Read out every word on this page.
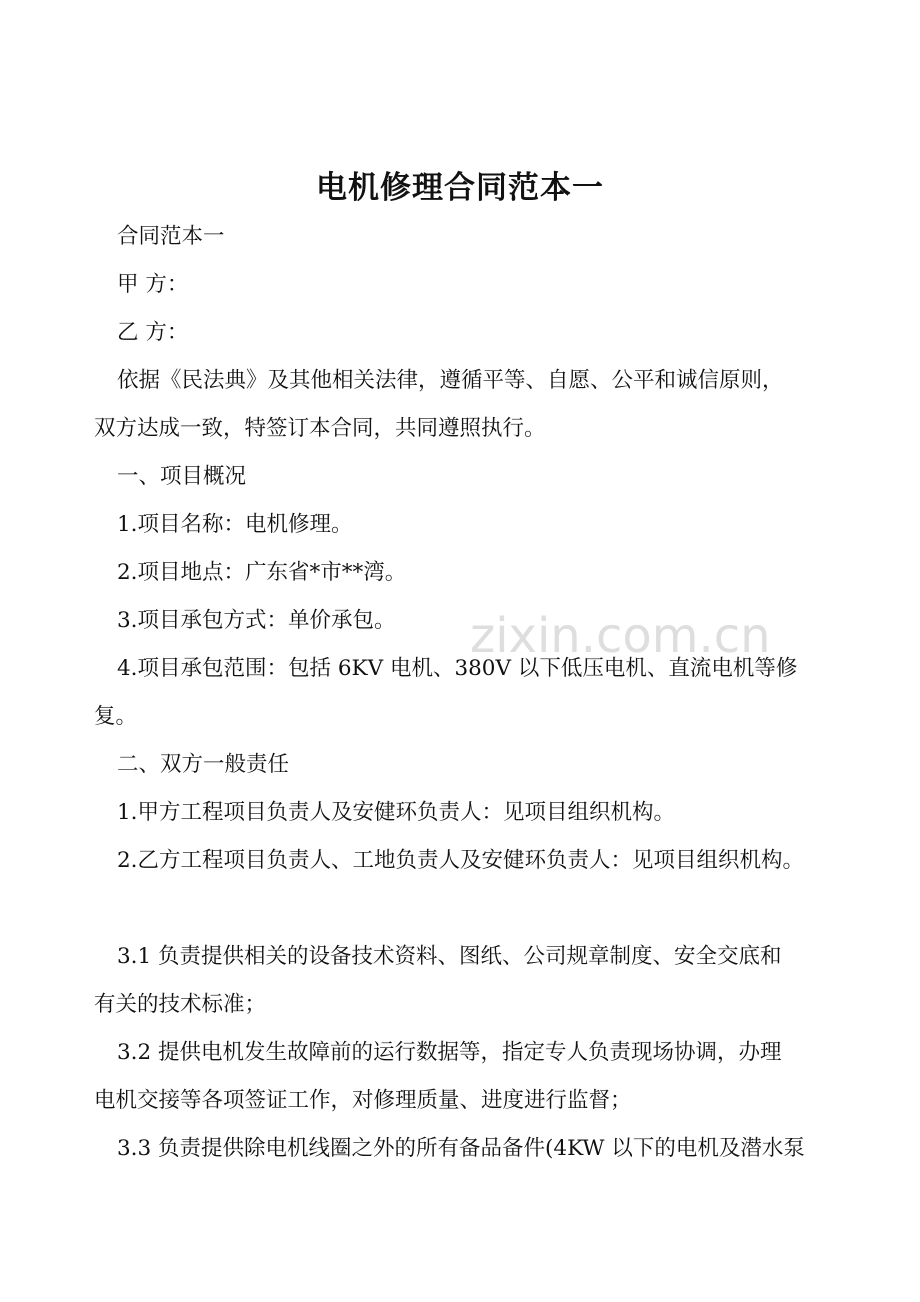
zixin.com.cn
电机修理合同范本一
合同范本一
甲 方：
乙 方：
依据《民法典》及其他相关法律，遵循平等、自愿、公平和诚信原则，
双方达成一致，特签订本合同，共同遵照执行。
一、项目概况
1.项目名称：电机修理。
2.项目地点：广东省*市**湾。
3.项目承包方式：单价承包。
4.项目承包范围：包括 6KV 电机、380V 以下低压电机、直流电机等修
复。
二、双方一般责任
1.甲方工程项目负责人及安健环负责人：见项目组织机构。
2.乙方工程项目负责人、工地负责人及安健环负责人：见项目组织机构。
3.1 负责提供相关的设备技术资料、图纸、公司规章制度、安全交底和
有关的技术标准；
3.2 提供电机发生故障前的运行数据等，指定专人负责现场协调，办理
电机交接等各项签证工作，对修理质量、进度进行监督；
3.3 负责提供除电机线圈之外的所有备品备件(4KW 以下的电机及潜水泵
